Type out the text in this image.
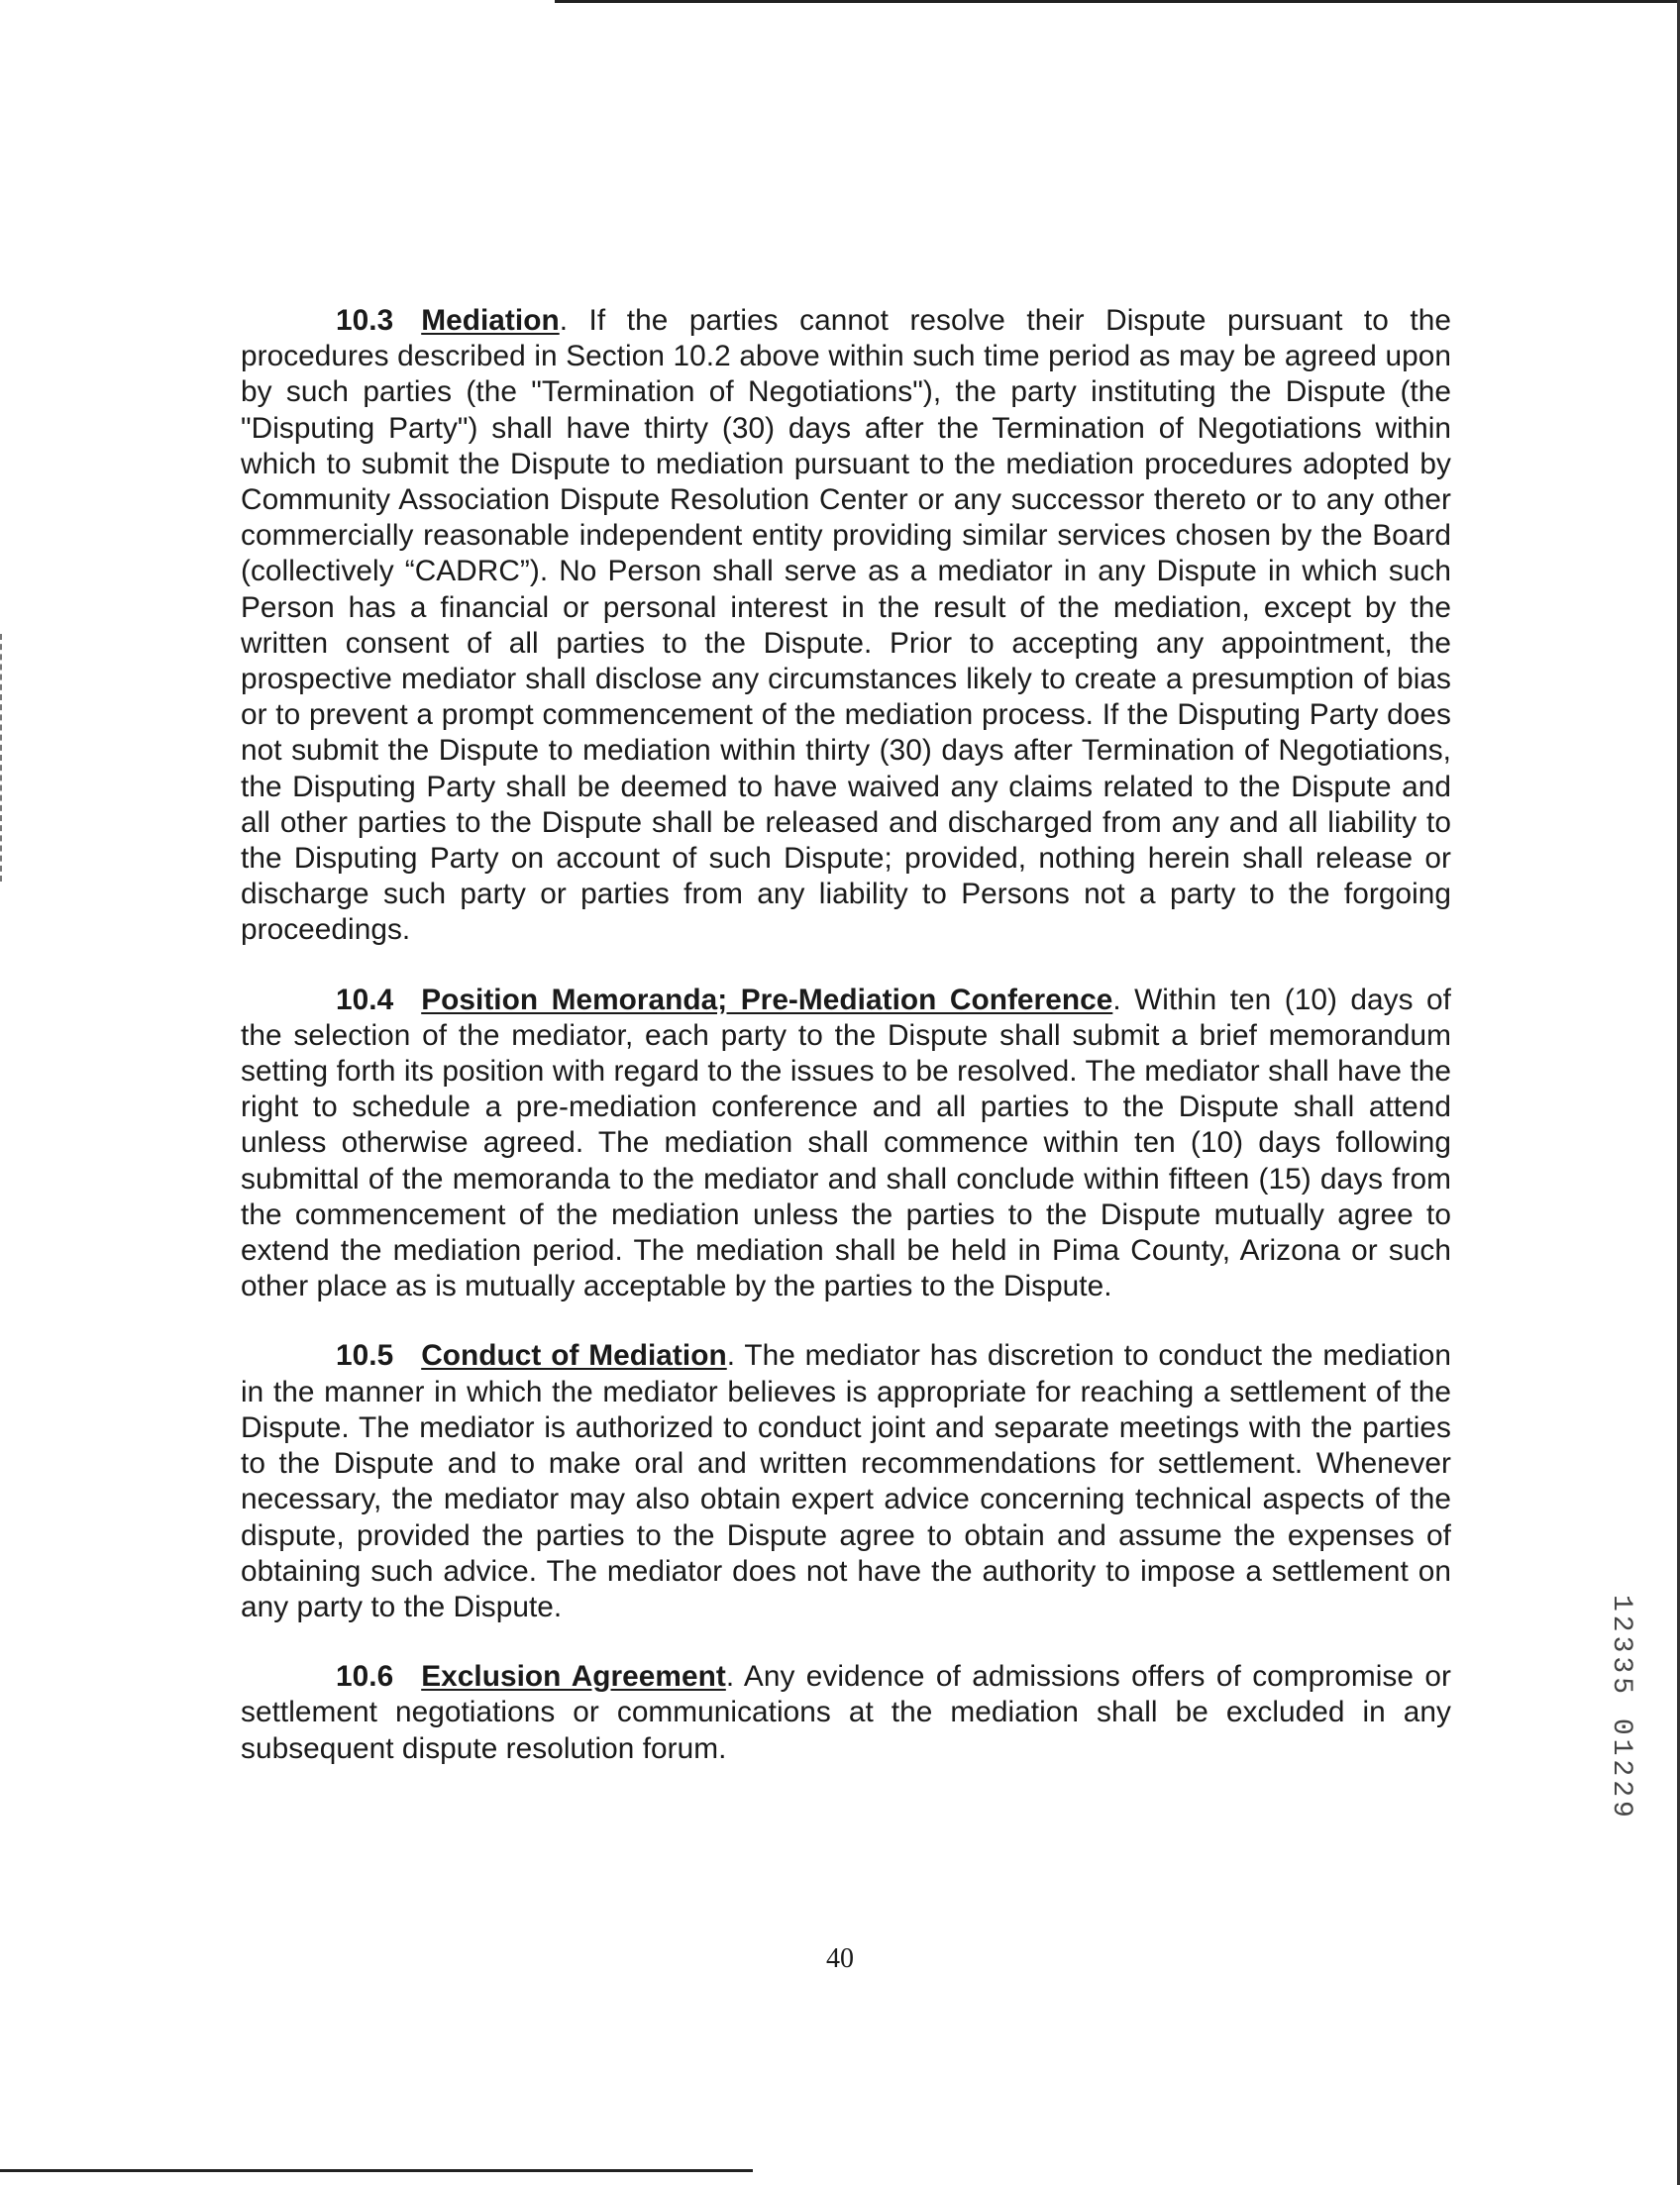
10.3 Mediation. If the parties cannot resolve their Dispute pursuant to the procedures described in Section 10.2 above within such time period as may be agreed upon by such parties (the "Termination of Negotiations"), the party instituting the Dispute (the "Disputing Party") shall have thirty (30) days after the Termination of Negotiations within which to submit the Dispute to mediation pursuant to the mediation procedures adopted by Community Association Dispute Resolution Center or any successor thereto or to any other commercially reasonable independent entity providing similar services chosen by the Board (collectively “CADRC”). No Person shall serve as a mediator in any Dispute in which such Person has a financial or personal interest in the result of the mediation, except by the written consent of all parties to the Dispute. Prior to accepting any appointment, the prospective mediator shall disclose any circumstances likely to create a presumption of bias or to prevent a prompt commencement of the mediation process. If the Disputing Party does not submit the Dispute to mediation within thirty (30) days after Termination of Negotiations, the Disputing Party shall be deemed to have waived any claims related to the Dispute and all other parties to the Dispute shall be released and discharged from any and all liability to the Disputing Party on account of such Dispute; provided, nothing herein shall release or discharge such party or parties from any liability to Persons not a party to the forgoing proceedings.

10.4 Position Memoranda; Pre-Mediation Conference. Within ten (10) days of the selection of the mediator, each party to the Dispute shall submit a brief memorandum setting forth its position with regard to the issues to be resolved. The mediator shall have the right to schedule a pre-mediation conference and all parties to the Dispute shall attend unless otherwise agreed. The mediation shall commence within ten (10) days following submittal of the memoranda to the mediator and shall conclude within fifteen (15) days from the commencement of the mediation unless the parties to the Dispute mutually agree to extend the mediation period. The mediation shall be held in Pima County, Arizona or such other place as is mutually acceptable by the parties to the Dispute.

10.5 Conduct of Mediation. The mediator has discretion to conduct the mediation in the manner in which the mediator believes is appropriate for reaching a settlement of the Dispute. The mediator is authorized to conduct joint and separate meetings with the parties to the Dispute and to make oral and written recommendations for settlement. Whenever necessary, the mediator may also obtain expert advice concerning technical aspects of the dispute, provided the parties to the Dispute agree to obtain and assume the expenses of obtaining such advice. The mediator does not have the authority to impose a settlement on any party to the Dispute.

10.6 Exclusion Agreement. Any evidence of admissions offers of compromise or settlement negotiations or communications at the mediation shall be excluded in any subsequent dispute resolution forum.

40
12335 01229
